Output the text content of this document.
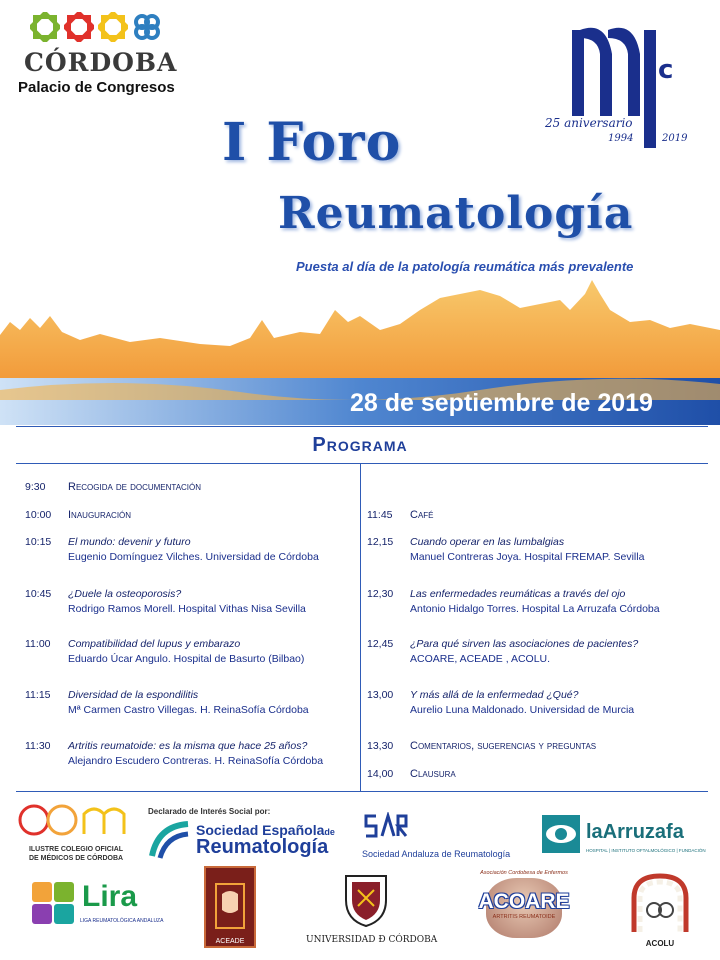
CÓRDOBA
Palacio de Congresos
c
25 aniversario
1994         2019
I Foro
Reumatología
Puesta al día de la patología reumática más prevalente
28 de septiembre de 2019
Programa
9:30	Recogida de documentación
10:00	Inauguración
10:15	El mundo: devenir y futuro
Eugenio Domínguez Vilches. Universidad de Córdoba
10:45	¿Duele la osteoporosis?
Rodrigo Ramos Morell. Hospital Vithas Nisa Sevilla
11:00	Compatibilidad del lupus y embarazo
Eduardo Úcar Angulo. Hospital de Basurto (Bilbao)
11:15	Diversidad de la espondilitis
Mª Carmen Castro Villegas. H. ReinaSofía Córdoba
11:30	Artritis reumatoide: es la misma que hace 25 años?
Alejandro Escudero Contreras. H. ReinaSofía Córdoba
11:45	Café
12,15	Cuando operar en las lumbalgias
Manuel Contreras Joya. Hospital FREMAP. Sevilla
12,30	Las enfermedades reumáticas a través del ojo
Antonio Hidalgo Torres. Hospital La Arruzafa Córdoba
12,45	¿Para qué sirven las asociaciones de pacientes?
ACOARE, ACEADE , ACOLU.
13,00	Y más allá de la enfermedad ¿Qué?
Aurelio Luna Maldonado. Universidad de Murcia
13,30	Comentarios, sugerencias y preguntas
14,00	Clausura
ILUSTRE COLEGIO OFICIAL
DE MÉDICOS DE CÓRDOBA
Declarado de Interés Social por:
Sociedad Españolade
Reumatología	Sociedad Andaluza de Reumatología
laArruzafa
HOSPITAL | INSTITUTO OFTALMOLÓGICO | FUNDACIÓN
Lira
LIGA REUMATOLÓGICA ANDALUZA
ACEADE	UNIVERSIDAD Ð CÓRDOBA
Asociación Cordobesa de Enfermos
ACOARE
ARTRITIS REUMATOIDE
ACOLU
